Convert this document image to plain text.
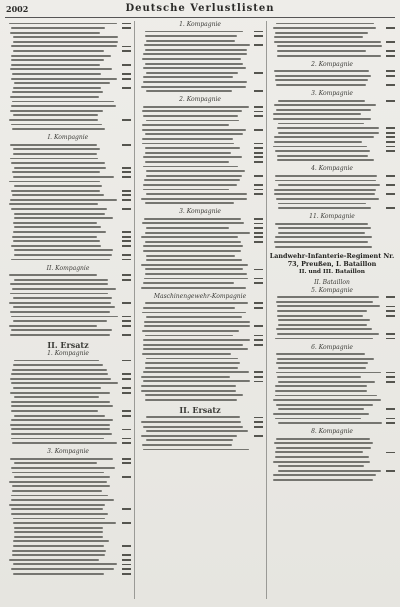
2002	Deutsche Verlustlisten
I. Kompagnie
II. Kompagnie
II. Ersatz
1. Kompagnie
3. Kompagnie
1. Kompagnie
2. Kompagnie
3. Kompagnie
Maschinengewehr-Kompagnie
II. Ersatz
2. Kompagnie
3. Kompagnie
4. Kompagnie
11. Kompagnie
Landwehr-Infanterie-Regiment Nr. 73, Preußen, I. Bataillon
II. und III. Bataillon
II. Bataillon
5. Kompagnie
6. Kompagnie
8. Kompagnie
